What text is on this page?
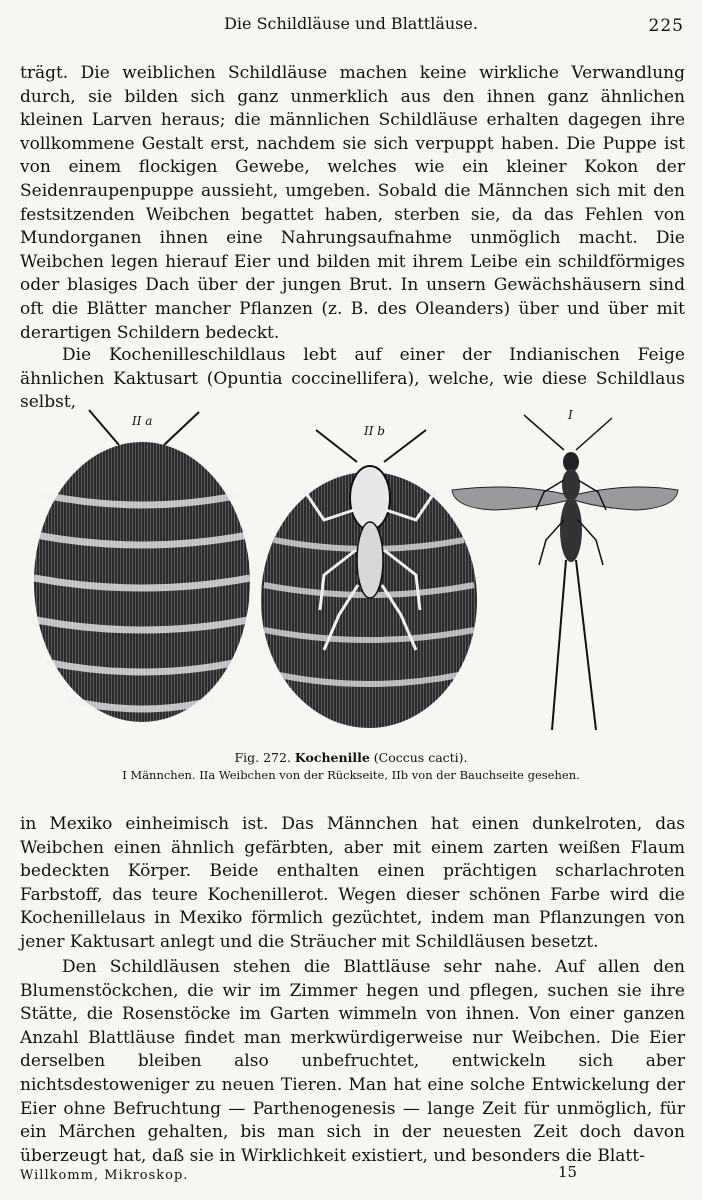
Die Schildläuse und Blattläuse.	225

trägt. Die weiblichen Schildläuse machen keine wirkliche Verwandlung durch, sie bilden sich ganz unmerklich aus den ihnen ganz ähnlichen kleinen Larven heraus; die männlichen Schildläuse erhalten dagegen ihre vollkommene Gestalt erst, nachdem sie sich verpuppt haben. Die Puppe ist von einem flockigen Gewebe, welches wie ein kleiner Kokon der Seidenraupenpuppe aussieht, umgeben. Sobald die Männchen sich mit den festsitzenden Weibchen begattet haben, sterben sie, da das Fehlen von Mundorganen ihnen eine Nahrungsaufnahme unmöglich macht. Die Weibchen legen hierauf Eier und bilden mit ihrem Leibe ein schildförmiges oder blasiges Dach über der jungen Brut. In unsern Gewächshäusern sind oft die Blätter mancher Pflanzen (z. B. des Oleanders) über und über mit derartigen Schildern bedeckt.

Die Kochenilleschildlaus lebt auf einer der Indianischen Feige ähnlichen Kaktusart (Opuntia coccinellifera), welche, wie diese Schildlaus selbst,

II a
II b
I
Fig. 272. Kochenille (Coccus cacti).
I Männchen. IIa Weibchen von der Rückseite, IIb von der Bauchseite gesehen.

in Mexiko einheimisch ist. Das Männchen hat einen dunkelroten, das Weibchen einen ähnlich gefärbten, aber mit einem zarten weißen Flaum bedeckten Körper. Beide enthalten einen prächtigen scharlachroten Farbstoff, das teure Kochenillerot. Wegen dieser schönen Farbe wird die Kochenillelaus in Mexiko förmlich gezüchtet, indem man Pflanzungen von jener Kaktusart anlegt und die Sträucher mit Schildläusen besetzt.

Den Schildläusen stehen die Blattläuse sehr nahe. Auf allen den Blumenstöckchen, die wir im Zimmer hegen und pflegen, suchen sie ihre Stätte, die Rosenstöcke im Garten wimmeln von ihnen. Von einer ganzen Anzahl Blattläuse findet man merkwürdigerweise nur Weibchen. Die Eier derselben bleiben also unbefruchtet, entwickeln sich aber nichtsdestoweniger zu neuen Tieren. Man hat eine solche Entwickelung der Eier ohne Befruchtung — Parthenogenesis — lange Zeit für unmöglich, für ein Märchen gehalten, bis man sich in der neuesten Zeit doch davon überzeugt hat, daß sie in Wirklichkeit existiert, und besonders die Blatt-

Willkomm, Mikroskop.	15
